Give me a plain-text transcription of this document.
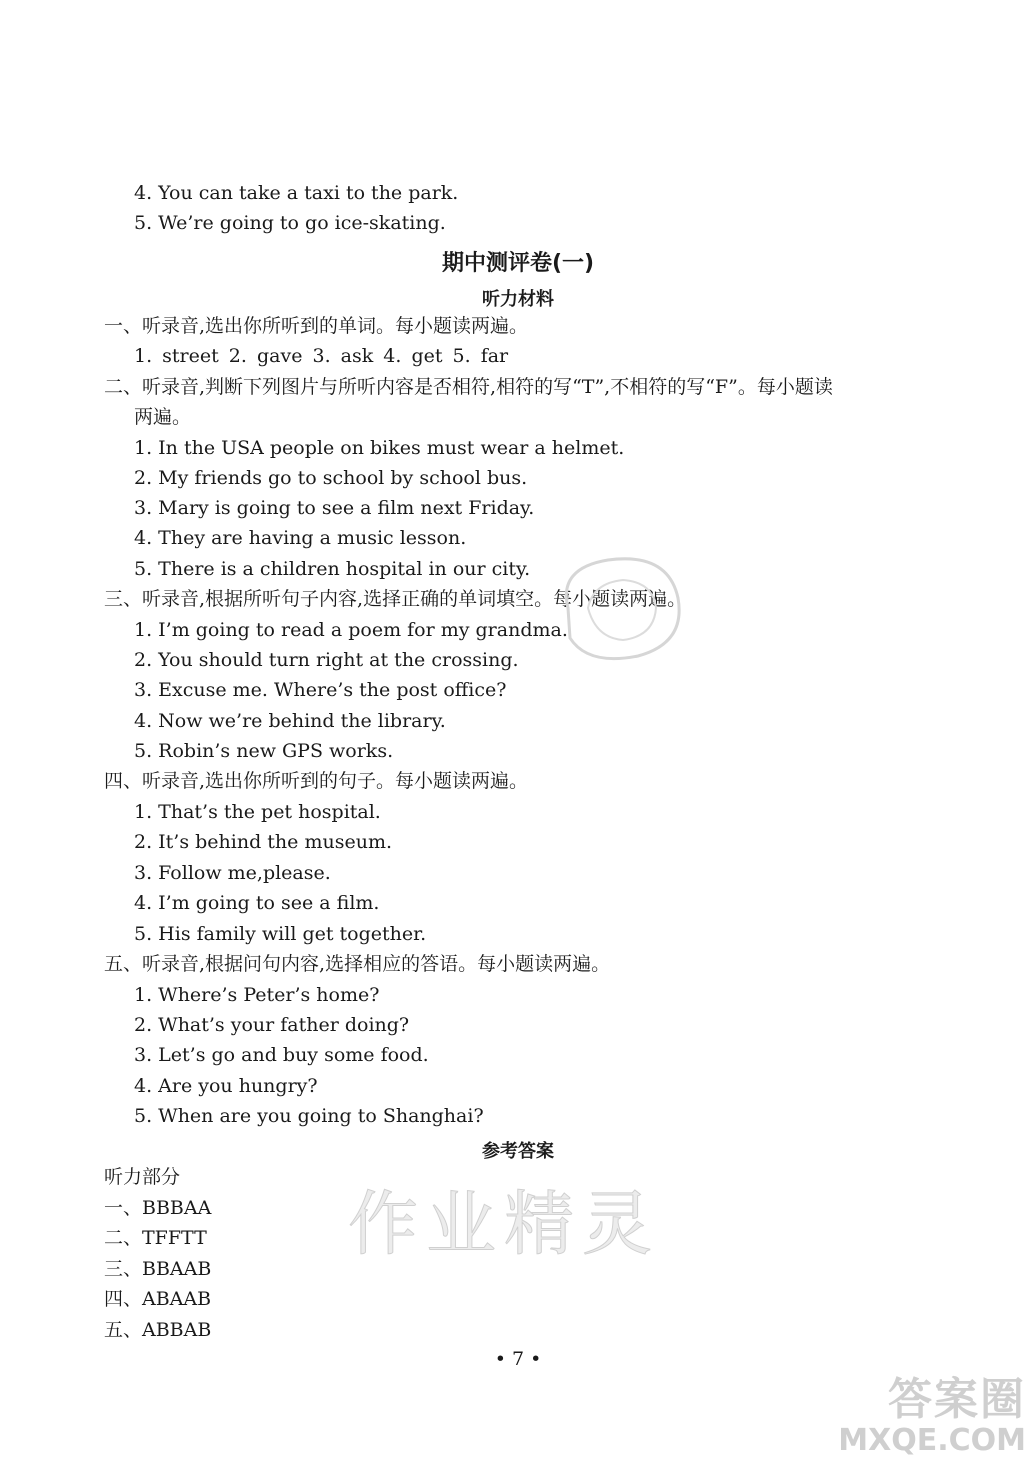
4. You can take a taxi to the park.
5. We’re going to go ice-skating.
期中测评卷(一)
听力材料
一、听录音,选出你所听到的单词。每小题读两遍。
1. street 2. gave 3. ask 4. get 5. far
二、听录音,判断下列图片与所听内容是否相符,相符的写“T”,不相符的写“F”。每小题读
两遍。
1. In the USA people on bikes must wear a helmet.
2. My friends go to school by school bus.
3. Mary is going to see a film next Friday.
4. They are having a music lesson.
5. There is a children hospital in our city.
三、听录音,根据所听句子内容,选择正确的单词填空。每小题读两遍。
1. I’m going to read a poem for my grandma.
2. You should turn right at the crossing.
3. Excuse me. Where’s the post office?
4. Now we’re behind the library.
5. Robin’s new GPS works.
四、听录音,选出你所听到的句子。每小题读两遍。
1. That’s the pet hospital.
2. It’s behind the museum.
3. Follow me,please.
4. I’m going to see a film.
5. His family will get together.
五、听录音,根据问句内容,选择相应的答语。每小题读两遍。
1. Where’s Peter’s home?
2. What’s your father doing?
3. Let’s go and buy some food.
4. Are you hungry?
5. When are you going to Shanghai?
参考答案
听力部分
一、BBBAA
二、TFFTT
三、BBAAB
四、ABAAB
五、ABBAB
• 7 •
作业精灵
答案圈
MXQE.COM
